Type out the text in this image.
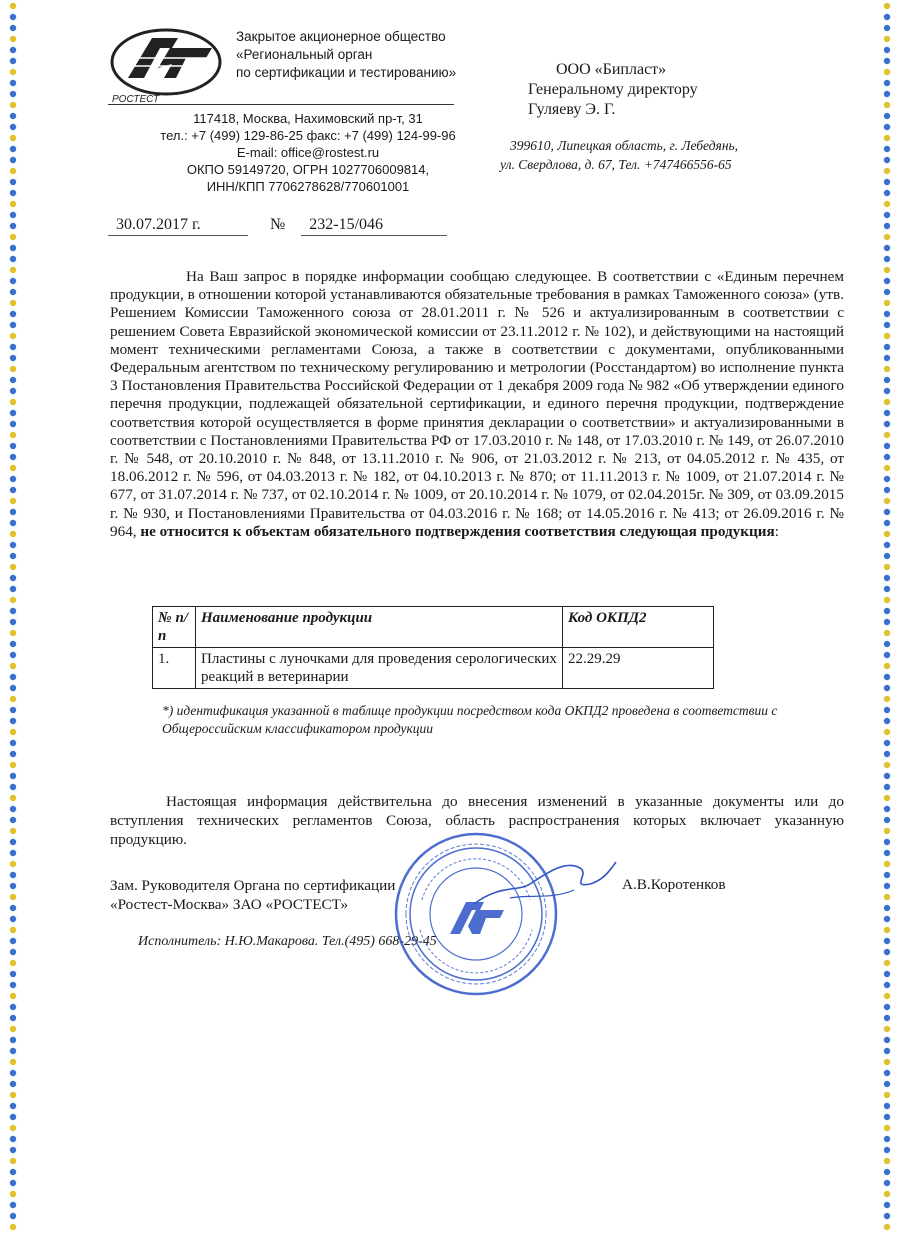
РОСТЕСТ
Закрытое акционерное общество
«Региональный орган
по сертификации и тестированию»
117418, Москва, Нахимовский пр-т, 31
тел.: +7 (499) 129-86-25 факс: +7 (499) 124-99-96
E-mail: office@rostest.ru
ОКПО 59149720, ОГРН 1027706009814,
ИНН/КПП 7706278628/770601001
ООО «Бипласт»
Генеральному директору
Гуляеву Э. Г.
399610, Липецкая область, г. Лебедянь,
ул. Свердлова, д. 67, Тел. +747466556-65
30.07.2017 г.	№ 232-15/046

На Ваш запрос в порядке информации сообщаю следующее. В соответствии с «Единым перечнем продукции, в отношении которой устанавливаются обязательные требования в рамках Таможенного союза» (утв. Решением Комиссии Таможенного союза от 28.01.2011 г. № 526 и актуализированным в соответствии с решением Совета Евразийской экономической комиссии от 23.11.2012 г. № 102), и действующими на настоящий момент техническими регламентами Союза, а также в соответствии с документами, опубликованными Федеральным агентством по техническому регулированию и метрологии (Росстандартом) во исполнение пункта 3 Постановления Правительства Российской Федерации от 1 декабря 2009 года № 982 «Об утверждении единого перечня продукции, подлежащей обязательной сертификации, и единого перечня продукции, подтверждение соответствия которой осуществляется в форме принятия декларации о соответствии» и актуализированными в соответствии с Постановлениями Правительства РФ от 17.03.2010 г. № 148, от 17.03.2010 г. № 149, от 26.07.2010 г. № 548, от 20.10.2010 г. № 848, от 13.11.2010 г. № 906, от 21.03.2012 г. № 213, от 04.05.2012 г. № 435, от 18.06.2012 г. № 596, от 04.03.2013 г. № 182, от 04.10.2013 г. № 870; от 11.11.2013 г. № 1009, от 21.07.2014 г. № 677, от 31.07.2014 г. № 737, от 02.10.2014 г. № 1009, от 20.10.2014 г. № 1079, от 02.04.2015г. № 309, от 03.09.2015 г. № 930, и Постановлениями Правительства от 04.03.2016 г. № 168; от 14.05.2016 г. № 413; от 26.09.2016 г. № 964, не относится к объектам обязательного подтверждения соответствия следующая продукция:

№ п/п	Наименование продукции	Код ОКПД2
1.	Пластины с луночками для проведения серологических реакций в ветеринарии	22.29.29
*) идентификация указанной в таблице продукции посредством кода ОКПД2 проведена в соответствии с Общероссийским классификатором продукции

Настоящая информация действительна до внесения изменений в указанные документы или до вступления технических регламентов Союза, область распространения которых включает указанную продукцию.

Зам. Руководителя Органа по сертификации
«Ростест-Москва» ЗАО «РОСТЕСТ»
А.В.Коротенков
Исполнитель: Н.Ю.Макарова. Тел.(495) 668-29-45
